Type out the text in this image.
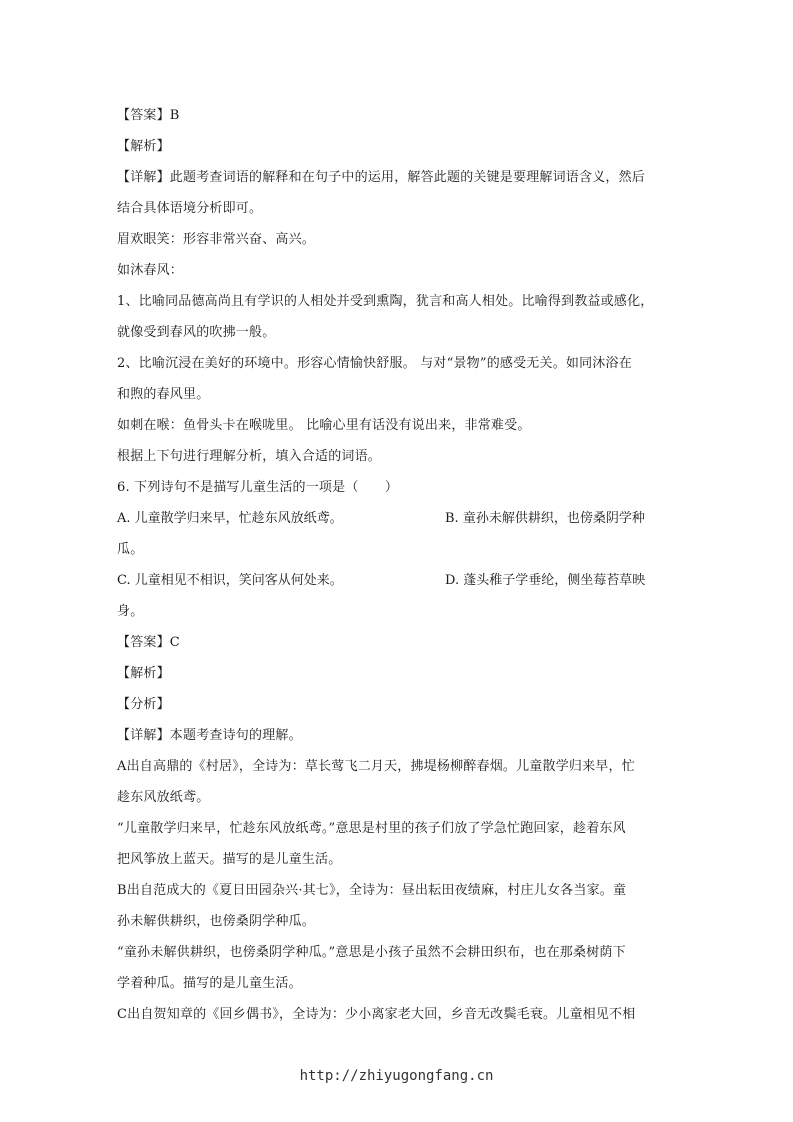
【答案】B
【解析】
【详解】此题考查词语的解释和在句子中的运用，解答此题的关键是要理解词语含义，然后
结合具体语境分析即可。
眉欢眼笑：形容非常兴奋、高兴。
如沐春风：
1、比喻同品德高尚且有学识的人相处并受到熏陶，犹言和高人相处。比喻得到教益或感化，
就像受到春风的吹拂一般。
2、比喻沉浸在美好的环境中。形容心情愉快舒服。 与对“景物”的感受无关。如同沐浴在
和煦的春风里。
如刺在喉：鱼骨头卡在喉咙里。 比喻心里有话没有说出来，非常难受。
根据上下句进行理解分析，填入合适的词语。
6. 下列诗句不是描写儿童生活的一项是（　　）
A. 儿童散学归来早，忙趁东风放纸鸢。	B. 童孙未解供耕织，也傍桑阴学种
瓜。
C. 儿童相见不相识，笑问客从何处来。	D. 蓬头稚子学垂纶，侧坐莓苔草映
身。
【答案】C
【解析】
【分析】
【详解】本题考查诗句的理解。
A出自高鼎的《村居》，全诗为：草长莺飞二月天，拂堤杨柳醉春烟。儿童散学归来早，忙
趁东风放纸鸢。
“儿童散学归来早，忙趁东风放纸鸢。”意思是村里的孩子们放了学急忙跑回家，趁着东风
把风筝放上蓝天。描写的是儿童生活。
B出自范成大的《夏日田园杂兴·其七》，全诗为：昼出耘田夜绩麻，村庄儿女各当家。童
孙未解供耕织，也傍桑阴学种瓜。
“童孙未解供耕织，也傍桑阴学种瓜。”意思是小孩子虽然不会耕田织布，也在那桑树荫下
学着种瓜。描写的是儿童生活。
C出自贺知章的《回乡偶书》，全诗为：少小离家老大回，乡音无改鬓毛衰。儿童相见不相
http://zhiyugongfang.cn
